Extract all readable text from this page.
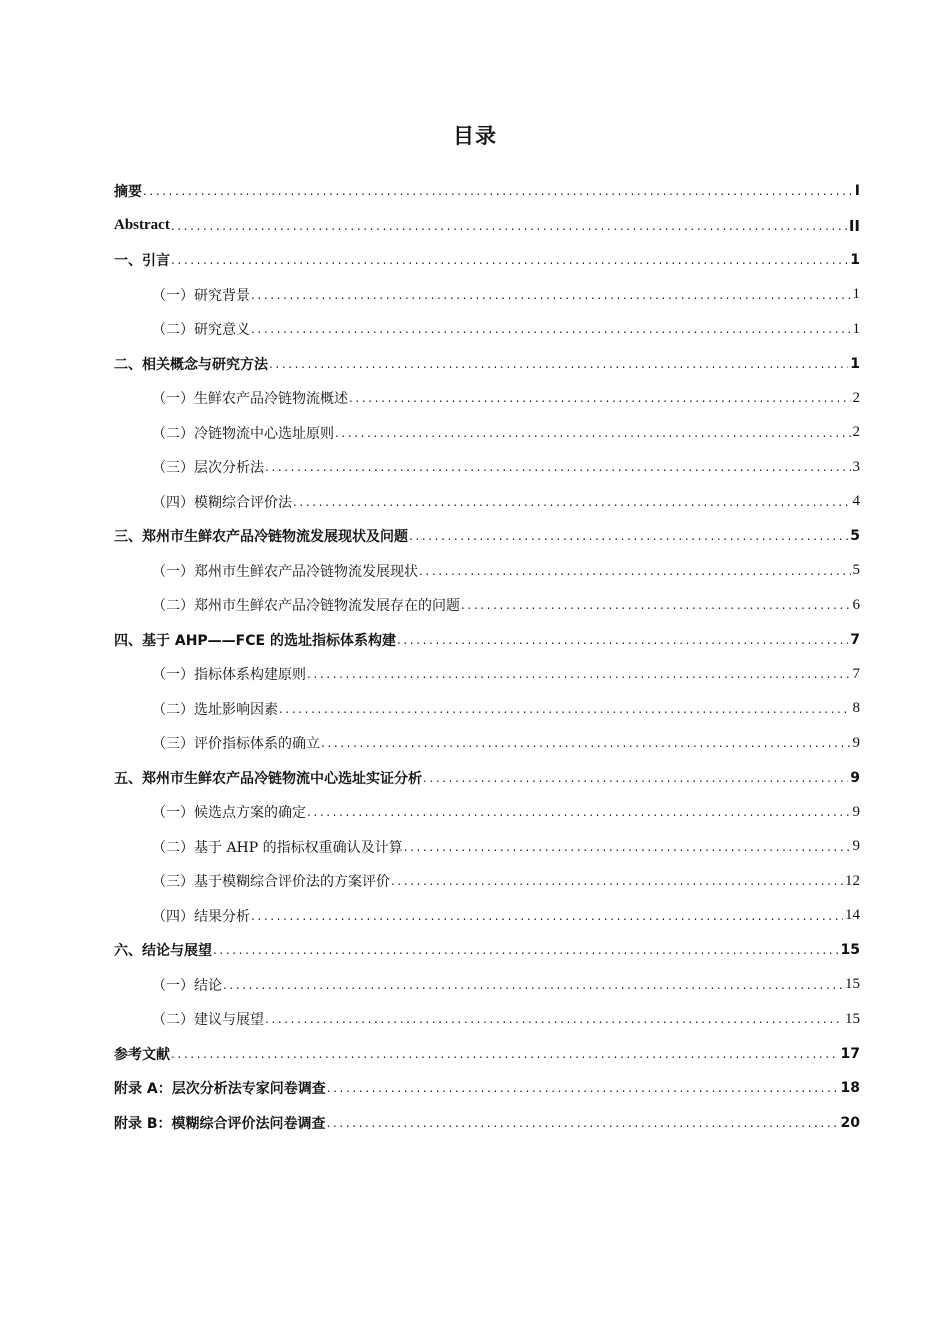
目录
摘要 .....	I
Abstract .....	II
一、引言 .....	1
（一）研究背景 .....	1
（二）研究意义 .....	1
二、相关概念与研究方法 .....	1
（一）生鲜农产品冷链物流概述 .....	2
（二）冷链物流中心选址原则 .....	2
（三）层次分析法 .....	3
（四）模糊综合评价法 .....	4
三、郑州市生鲜农产品冷链物流发展现状及问题 .....	5
（一）郑州市生鲜农产品冷链物流发展现状 .....	5
（二）郑州市生鲜农产品冷链物流发展存在的问题 .....	6
四、基于 AHP——FCE 的选址指标体系构建 .....	7
（一）指标体系构建原则 .....	7
（二）选址影响因素 .....	8
（三）评价指标体系的确立 .....	9
五、郑州市生鲜农产品冷链物流中心选址实证分析 .....	9
（一）候选点方案的确定 .....	9
（二）基于 AHP 的指标权重确认及计算 .....	9
（三）基于模糊综合评价法的方案评价 .....	12
（四）结果分析 .....	14
六、结论与展望 .....	15
（一）结论 .....	15
（二）建议与展望 .....	15
参考文献 .....	17
附录 A：层次分析法专家问卷调查 .....	18
附录 B：模糊综合评价法问卷调查 .....	20
